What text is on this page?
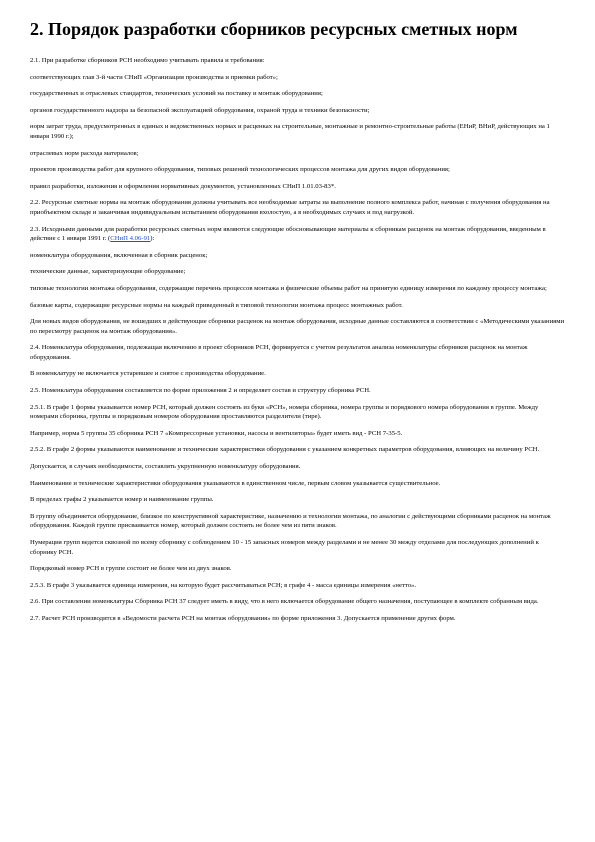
2. Порядок разработки сборников ресурсных сметных норм

2.1. При разработке сборников РСН необходимо учитывать правила и требования:

соответствующих глав 3-й части СНиП «Организация производства и приемки работ»;

государственных и отраслевых стандартов, технических условий на поставку и монтаж оборудования;

органов государственного надзора за безопасной эксплуатацией оборудования, охраной труда и техники безопасности;

норм затрат труда, предусмотренных в единых и ведомственных нормах и расценках на строительные, монтажные и ремонтно-строительные работы (ЕНиР, ВНиР, действующих на 1 января 1990 г.);

отраслевых норм расхода материалов;

проектов производства работ для крупного оборудования, типовых решений технологических процессов монтажа для других видов оборудования;

правил разработки, изложения и оформления нормативных документов, установленных СНиП 1.01.03-83*.

2.2. Ресурсные сметные нормы на монтаж оборудования должны учитывать все необходимые затраты на выполнение полного комплекса работ, начиная с получения оборудования на приобъектном складе и заканчивая индивидуальным испытанием оборудования вхолостую, а в необходимых случаях и под нагрузкой.

2.3. Исходными данными для разработки ресурсных сметных норм являются следующие обосновывающие материалы к сборникам расценок на монтаж оборудования, введенным в действие с 1 января 1991 г. (СНиП 4.06-91):

номенклатура оборудования, включенная в сборник расценок;

технические данные, характеризующие оборудование;

типовые технологии монтажа оборудования, содержащие перечень процессов монтажа и физические объемы работ на принятую единицу измерения по каждому процессу монтажа;

базовые карты, содержащие ресурсные нормы на каждый приведенный в типовой технологии монтажа процесс монтажных работ.

Для новых видов оборудования, не вошедших в действующие сборники расценок на монтаж оборудования, исходные данные составляются в соответствии с «Методическими указаниями по пересмотру расценок на монтаж оборудования».

2.4. Номенклатура оборудования, подлежащая включению в проект сборников РСН, формируется с учетом результатов анализа номенклатуры сборников расценок на монтаж оборудования.

В номенклатуру не включается устаревшее и снятое с производства оборудование.

2.5. Номенклатура оборудования составляется по форме приложения 2 и определяет состав и структуру сборника РСН.

2.5.1. В графе 1 формы указывается номер РСН, который должен состоять из букв «РСН», номера сборника, номера группы и порядкового номера оборудования в группе. Между номерами сборника, группы и порядковым номером оборудования проставляются разделители (тире).

Например, норма 5 группы 35 сборника РСН 7 «Компрессорные установки, насосы и вентиляторы» будет иметь вид - РСН 7-35-5.

2.5.2. В графе 2 формы указываются наименование и технические характеристики оборудования с указанием конкретных параметров оборудования, влияющих на величину РСН.

Допускается, в случаях необходимости, составлять укрупненную номенклатуру оборудования.

Наименование и технические характеристики оборудования указываются в единственном числе, первым словом указывается существительное.

В пределах графы 2 указывается номер и наименование группы.

В группу объединяется оборудование, близкое по конструктивной характеристике, назначению и технологии монтажа, по аналогии с действующими сборниками расценок на монтаж оборудования. Каждой группе присваивается номер, который должен состоять не более чем из пяти знаков.

Нумерация групп ведется сквозной по всему сборнику с соблюдением 10 - 15 запасных номеров между разделами и не менее 30 между отделами для последующих дополнений к сборнику РСН.

Порядковый номер РСН в группе состоит не более чем из двух знаков.

2.5.3. В графе 3 указывается единица измерения, на которую будет рассчитываться РСН; в графе 4 - масса единицы измерения «нетто».

2.6. При составлении номенклатуры Сборника РСН 37 следует иметь в виду, что в него включается оборудование общего назначения, поступающее в комплекте собранным вида.

2.7. Расчет РСН производится в «Ведомости расчета РСН на монтаж оборудования» по форме приложения 3. Допускается применение других форм.
